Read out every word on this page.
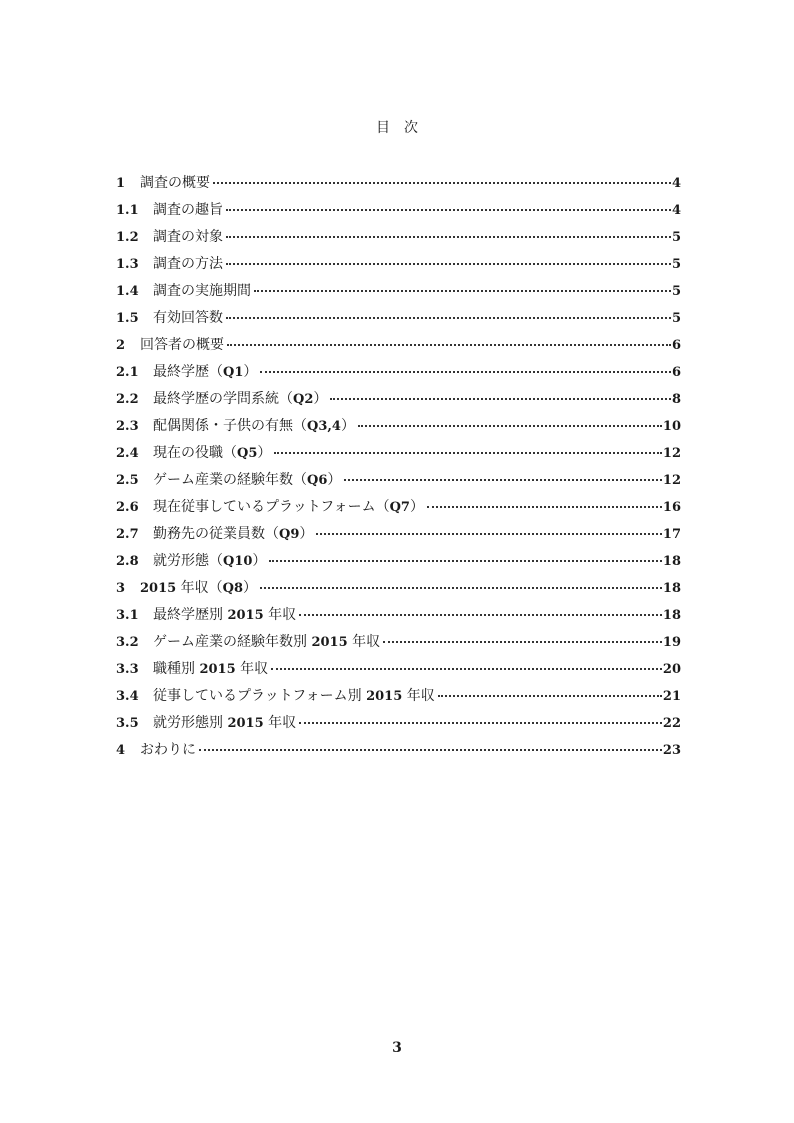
目次
1	調査の概要	4
1.1	調査の趣旨	4
1.2	調査の対象	5
1.3	調査の方法	5
1.4	調査の実施期間	5
1.5	有効回答数	5
2	回答者の概要	6
2.1	最終学歴（Q1）	6
2.2	最終学歴の学問系統（Q2）	8
2.3	配偶関係・子供の有無（Q3,4）	10
2.4	現在の役職（Q5）	12
2.5	ゲーム産業の経験年数（Q6）	12
2.6	現在従事しているプラットフォーム（Q7）	16
2.7	勤務先の従業員数（Q9）	17
2.8	就労形態（Q10）	18
3	2015 年収（Q8）	18
3.1	最終学歴別 2015 年収	18
3.2	ゲーム産業の経験年数別 2015 年収	19
3.3	職種別 2015 年収	20
3.4	従事しているプラットフォーム別 2015 年収	21
3.5	就労形態別 2015 年収	22
4	おわりに	23
3
